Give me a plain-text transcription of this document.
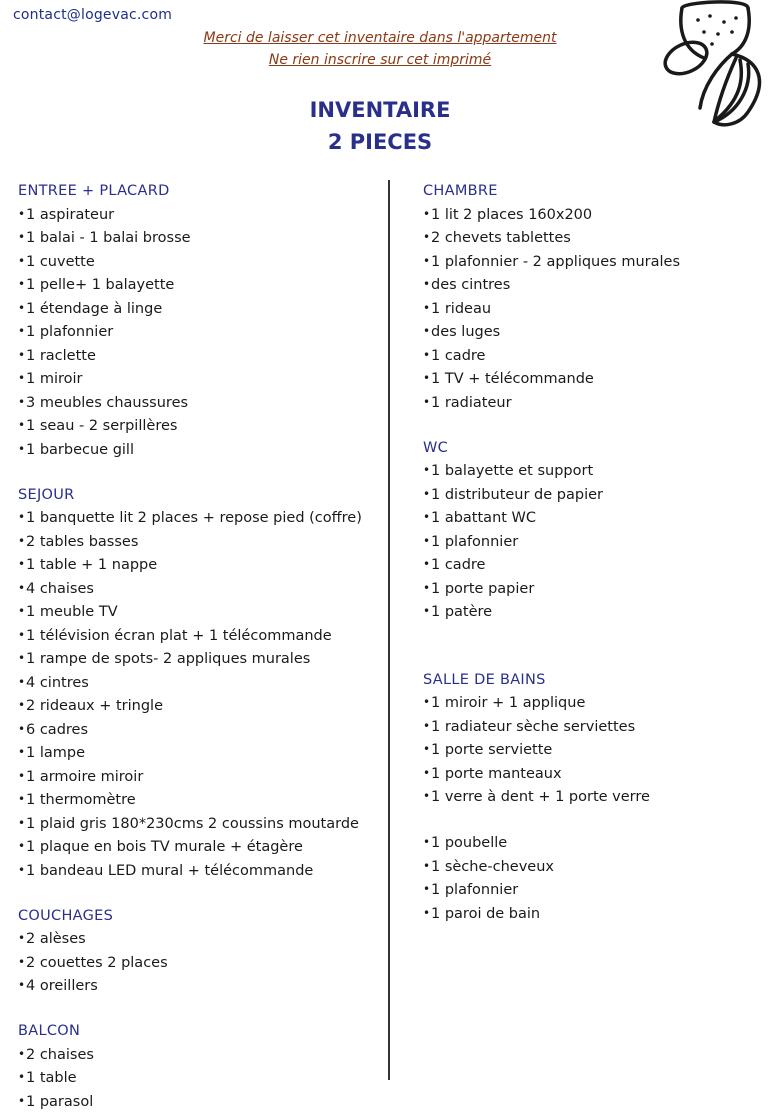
contact@logevac.com
Merci de laisser cet inventaire dans l'appartement
Ne rien inscrire sur cet imprimé
INVENTAIRE
2 PIECES
ENTREE + PLACARD
•1 aspirateur
•1 balai - 1 balai brosse
•1 cuvette
•1 pelle+ 1 balayette
•1 étendage à linge
•1 plafonnier
•1 raclette
•1 miroir
•3 meubles chaussures
•1 seau - 2 serpillères
•1 barbecue gill
SEJOUR
•1 banquette lit 2 places + repose pied (coffre)
•2 tables basses
•1 table + 1 nappe
•4 chaises
•1 meuble TV
•1 télévision écran plat + 1 télécommande
•1 rampe de spots- 2 appliques murales
•4 cintres
•2 rideaux + tringle
•6 cadres
•1 lampe
•1 armoire miroir
•1 thermomètre
•1 plaid gris 180*230cms 2 coussins moutarde
•1 plaque en bois TV murale + étagère
•1 bandeau LED mural + télécommande
COUCHAGES
•2 alèses
•2 couettes 2 places
•4 oreillers
BALCON
•2 chaises
•1 table
•1 parasol
CHAMBRE
•1 lit 2 places 160x200
•2 chevets tablettes
•1 plafonnier - 2 appliques murales
•des cintres
•1 rideau
•des luges
•1 cadre
•1 TV + télécommande
•1 radiateur
WC
•1 balayette et support
•1 distributeur de papier
•1 abattant WC
•1 plafonnier
•1 cadre
•1 porte papier
•1 patère
SALLE DE BAINS
•1 miroir + 1 applique
•1 radiateur sèche serviettes
•1 porte serviette
•1 porte manteaux
•1 verre à dent + 1 porte verre
•1 poubelle
•1 sèche-cheveux
•1 plafonnier
•1 paroi de bain
